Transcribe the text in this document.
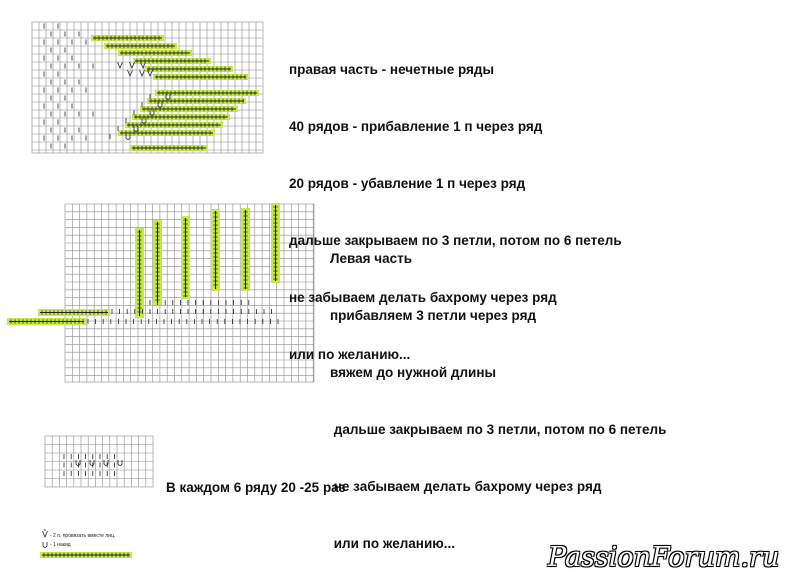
правая часть - нечетные ряды

40 рядов - прибавление 1 п через ряд

20 рядов - убавление 1 п через ряд

дальше закрываем по 3 петли, потом по 6 петель

не забываем делать бахрому через ряд

или по желанию...

Левая часть

прибавляем 3 петли через ряд

вяжем до нужной длины

дальше закрываем по 3 петли, потом по 6 петель

не забываем делать бахрому через ряд

или по желанию...

В каждом 6 ряду 20 -25 раз

- 2 п. провязать вместе лиц.
- 1 накид	PassionForum.ru
